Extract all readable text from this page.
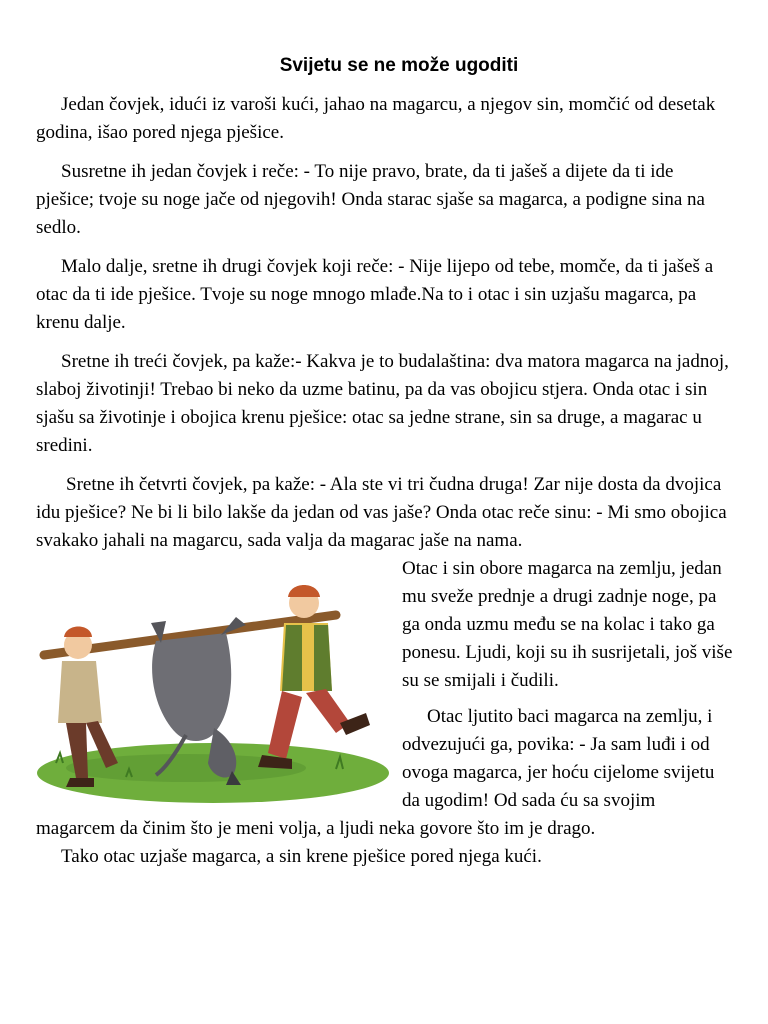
Svijetu se ne može ugoditi

Jedan čovjek, idući iz varoši kući, jahao na magarcu, a njegov sin, momčić od desetak godina, išao pored njega pješice.

Susretne ih jedan čovjek i reče: - To nije pravo, brate, da ti jašeš a dijete da ti ide pješice; tvoje su noge jače od njegovih! Onda starac sjaše sa magarca, a podigne sina na sedlo.

Malo dalje, sretne ih drugi čovjek koji reče: - Nije lijepo od tebe, momče, da ti jašeš a otac da ti ide pješice. Tvoje su noge mnogo mlađe.Na to i otac i sin uzjašu magarca, pa krenu dalje.

Sretne ih treći čovjek, pa kaže:- Kakva je to budalaština: dva matora magarca na jadnoj, slaboj životinji! Trebao bi neko da uzme batinu, pa da vas obojicu stjera. Onda otac i sin sjašu sa životinje i obojica krenu pješice: otac sa jedne strane, sin sa druge, a magarac u sredini.

Sretne ih četvrti čovjek, pa kaže: - Ala ste vi tri čudna druga! Zar nije dosta da dvojica idu pješice? Ne bi li bilo lakše da jedan od vas jaše? Onda otac reče sinu: - Mi smo obojica svakako jahali na magarcu, sada valja da magarac jaše na nama.

Otac i sin obore magarca na zemlju, jedan mu sveže prednje a drugi zadnje noge, pa ga onda uzmu među se na kolac i tako ga ponesu. Ljudi, koji su ih susrijetali, još više su se smijali i čudili.

Otac ljutito baci magarca na zemlju, i odvezujući ga, povika: - Ja sam luđi i od ovoga magarca, jer hoću cijelome svijetu da ugodim! Od sada ću sa svojim magarcem da činim što je meni volja, a ljudi neka govore što im je drago.

Tako otac uzjaše magarca, a sin krene pješice pored njega kući.
